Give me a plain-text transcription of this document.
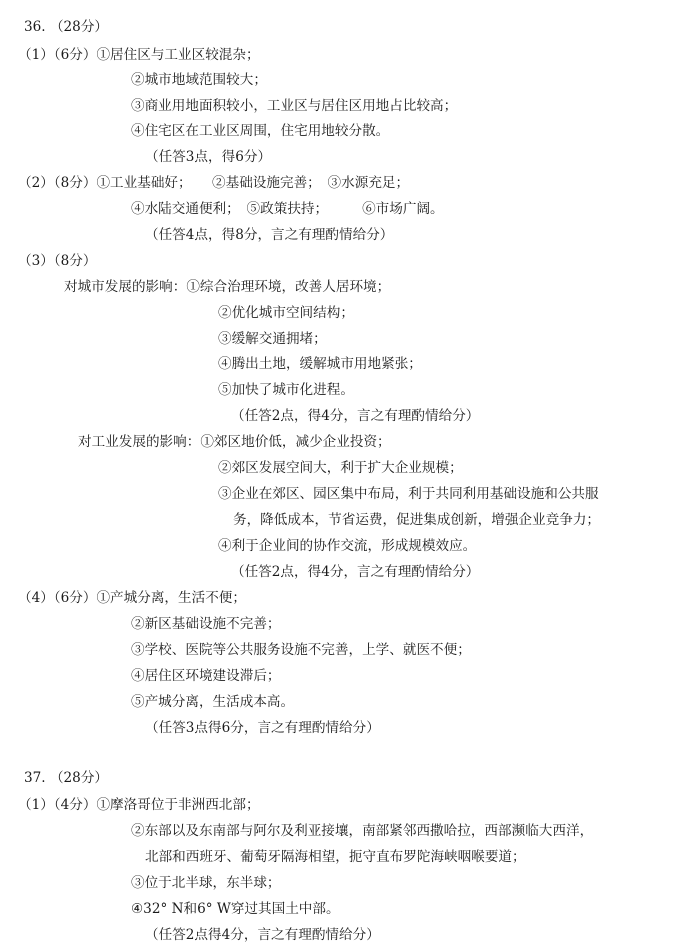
36. （28分）
（1）（6分）①居住区与工业区较混杂；
②城市地域范围较大；
③商业用地面积较小，工业区与居住区用地占比较高；
④住宅区在工业区周围，住宅用地较分散。
（任答3点，得6分）
（2）（8分）①工业基础好；　　②基础设施完善；　③水源充足；
④水陆交通便利；　⑤政策扶持；　　　⑥市场广阔。
（任答4点，得8分，言之有理酌情给分）
（3）（8分）
对城市发展的影响：①综合治理环境，改善人居环境；
②优化城市空间结构；
③缓解交通拥堵；
④腾出土地，缓解城市用地紧张；
⑤加快了城市化进程。
（任答2点，得4分，言之有理酌情给分）
对工业发展的影响：①郊区地价低，减少企业投资；
②郊区发展空间大，利于扩大企业规模；
③企业在郊区、园区集中布局，利于共同利用基础设施和公共服
务，降低成本，节省运费，促进集成创新，增强企业竞争力；
④利于企业间的协作交流，形成规模效应。
（任答2点，得4分，言之有理酌情给分）
（4）（6分）①产城分离，生活不便；
②新区基础设施不完善；
③学校、医院等公共服务设施不完善，上学、就医不便；
④居住区环境建设滞后；
⑤产城分离，生活成本高。
（任答3点得6分，言之有理酌情给分）
37. （28分）
（1）（4分）①摩洛哥位于非洲西北部；
②东部以及东南部与阿尔及利亚接壤，南部紧邻西撒哈拉，西部濒临大西洋，
北部和西班牙、葡萄牙隔海相望，扼守直布罗陀海峡咽喉要道；
③位于北半球，东半球；
④32° N和6° W穿过其国土中部。
（任答2点得4分，言之有理酌情给分）
